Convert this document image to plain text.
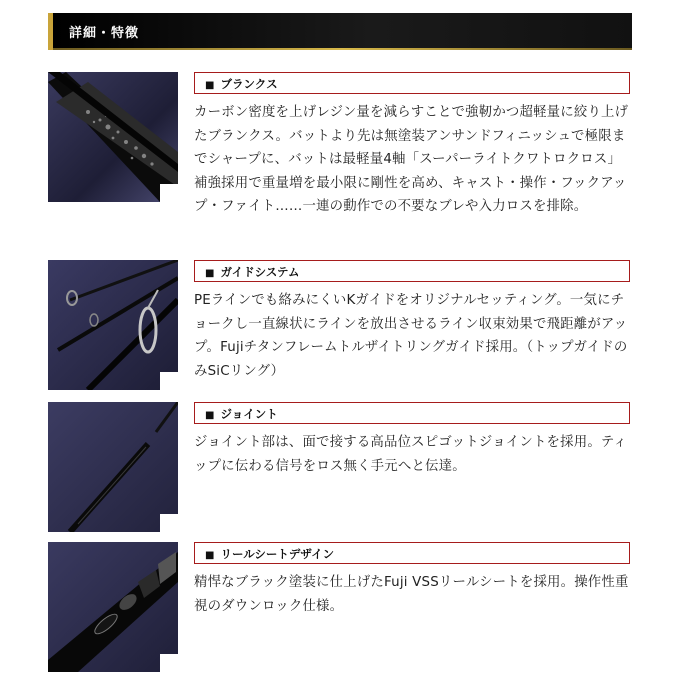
詳細・特徴
■ ブランクス

カーボン密度を上げレジン量を減らすことで強靭かつ超軽量に絞り上げたブランクス。バットより先は無塗装アンサンドフィニッシュで極限までシャープに、バットは最軽量4軸「スーパーライトクワトロクロス」補強採用で重量増を最小限に剛性を高め、キャスト・操作・フックアップ・ファイト……一連の動作での不要なブレや入力ロスを排除。

■ ガイドシステム

PEラインでも絡みにくいKガイドをオリジナルセッティング。一気にチョークし一直線状にラインを放出させるライン収束効果で飛距離がアップ。Fujiチタンフレームトルザイトリングガイド採用。（トップガイドのみSiCリング）

■ ジョイント

ジョイント部は、面で接する高品位スピゴットジョイントを採用。ティップに伝わる信号をロス無く手元へと伝達。

■ リールシートデザイン

精悍なブラック塗装に仕上げたFuji VSSリールシートを採用。操作性重視のダウンロック仕様。
